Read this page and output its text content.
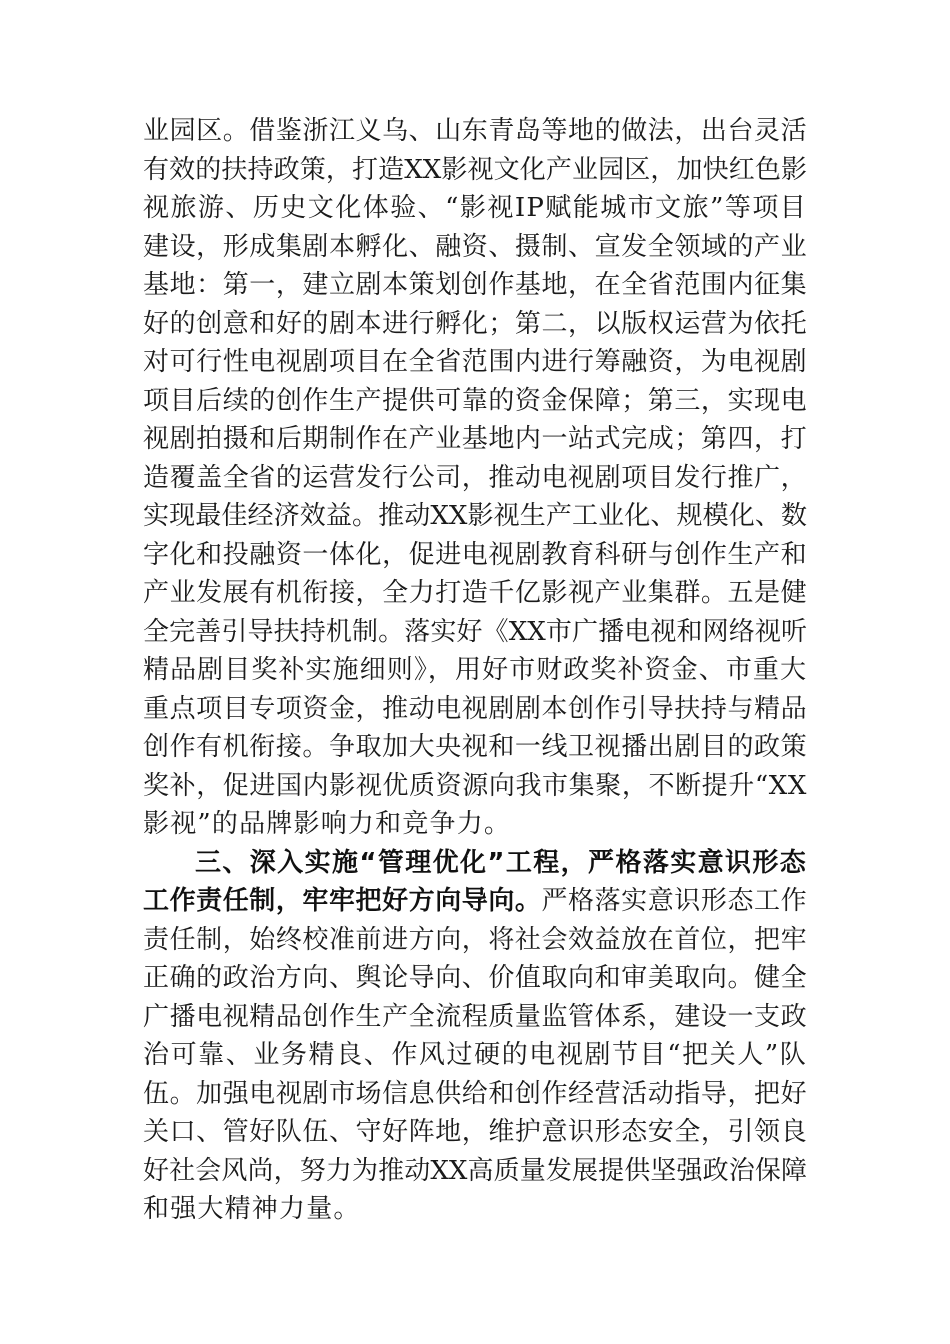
业园区。借鉴浙江义乌、山东青岛等地的做法，出台灵活
有效的扶持政策，打造XX影视文化产业园区，加快红色影
视旅游、历史文化体验、“影视IP赋能城市文旅”等项目
建设，形成集剧本孵化、融资、摄制、宣发全领域的产业
基地：第一，建立剧本策划创作基地，在全省范围内征集
好的创意和好的剧本进行孵化；第二，以版权运营为依托
对可行性电视剧项目在全省范围内进行筹融资，为电视剧
项目后续的创作生产提供可靠的资金保障；第三，实现电
视剧拍摄和后期制作在产业基地内一站式完成；第四，打
造覆盖全省的运营发行公司，推动电视剧项目发行推广，
实现最佳经济效益。推动XX影视生产工业化、规模化、数
字化和投融资一体化，促进电视剧教育科研与创作生产和
产业发展有机衔接，全力打造千亿影视产业集群。五是健
全完善引导扶持机制。落实好《XX市广播电视和网络视听
精品剧目奖补实施细则》，用好市财政奖补资金、市重大
重点项目专项资金，推动电视剧剧本创作引导扶持与精品
创作有机衔接。争取加大央视和一线卫视播出剧目的政策
奖补，促进国内影视优质资源向我市集聚，不断提升“XX
影视”的品牌影响力和竞争力。
三、深入实施“管理优化”工程，严格落实意识形态
工作责任制，牢牢把好方向导向。严格落实意识形态工作
责任制，始终校准前进方向，将社会效益放在首位，把牢
正确的政治方向、舆论导向、价值取向和审美取向。健全
广播电视精品创作生产全流程质量监管体系，建设一支政
治可靠、业务精良、作风过硬的电视剧节目“把关人”队
伍。加强电视剧市场信息供给和创作经营活动指导，把好
关口、管好队伍、守好阵地，维护意识形态安全，引领良
好社会风尚，努力为推动XX高质量发展提供坚强政治保障
和强大精神力量。
